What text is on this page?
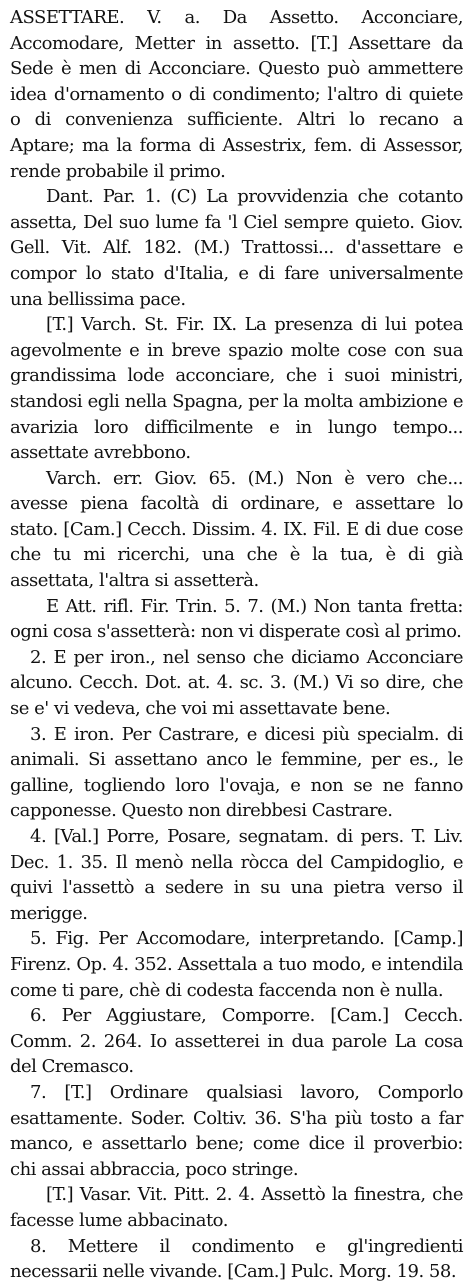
ASSETTARE. V. a. Da Assetto. Acconciare, Accomodare, Metter in assetto. [T.] Assettare da Sede è men di Acconciare. Questo può ammettere idea d'ornamento o di condimento; l'altro di quiete o di convenienza sufficiente. Altri lo recano a Aptare; ma la forma di Assestrix, fem. di Assessor, rende probabile il primo.

Dant. Par. 1. (C) La provvidenzia che cotanto assetta, Del suo lume fa 'l Ciel sempre quieto. Giov. Gell. Vit. Alf. 182. (M.) Trattossi... d'assettare e compor lo stato d'Italia, e di fare universalmente una bellissima pace.

[T.] Varch. St. Fir. IX. La presenza di lui potea agevolmente e in breve spazio molte cose con sua grandissima lode acconciare, che i suoi ministri, standosi egli nella Spagna, per la molta ambizione e avarizia loro difficilmente e in lungo tempo... assettate avrebbono.

Varch. err. Giov. 65. (M.) Non è vero che... avesse piena facoltà di ordinare, e assettare lo stato. [Cam.] Cecch. Dissim. 4. IX. Fil. E di due cose che tu mi ricerchi, una che è la tua, è di già assettata, l'altra si assetterà.

E Att. rifl. Fir. Trin. 5. 7. (M.) Non tanta fretta: ogni cosa s'assetterà: non vi disperate così al primo.

2. E per iron., nel senso che diciamo Acconciare alcuno. Cecch. Dot. at. 4. sc. 3. (M.) Vi so dire, che se e' vi vedeva, che voi mi assettavate bene.

3. E iron. Per Castrare, e dicesi più specialm. di animali. Si assettano anco le femmine, per es., le galline, togliendo loro l'ovaja, e non se ne fanno capponesse. Questo non direbbesi Castrare.

4. [Val.] Porre, Posare, segnatam. di pers. T. Liv. Dec. 1. 35. Il menò nella ròcca del Campidoglio, e quivi l'assettò a sedere in su una pietra verso il merigge.

5. Fig. Per Accomodare, interpretando. [Camp.] Firenz. Op. 4. 352. Assettala a tuo modo, e intendila come ti pare, chè di codesta faccenda non è nulla.

6. Per Aggiustare, Comporre. [Cam.] Cecch. Comm. 2. 264. Io assetterei in dua parole La cosa del Cremasco.

7. [T.] Ordinare qualsiasi lavoro, Comporlo esattamente. Soder. Coltiv. 36. S'ha più tosto a far manco, e assettarlo bene; come dice il proverbio: chi assai abbraccia, poco stringe.

[T.] Vasar. Vit. Pitt. 2. 4. Assettò la finestra, che facesse lume abbacinato.

8. Mettere il condimento e gl'ingredienti necessarii nelle vivande. [Cam.] Pulc. Morg. 19. 58.
